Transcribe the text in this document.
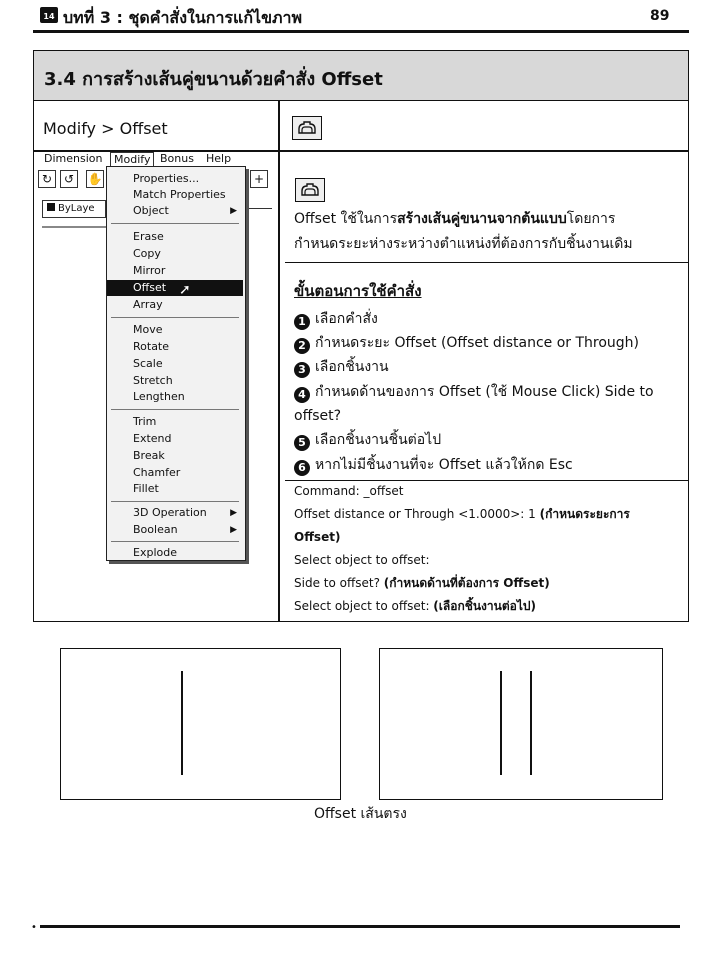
14 บทที่ 3 : ชุดคำสั่งในการแก้ไขภาพ	89
3.4 การสร้างเส้นคู่ขนานด้วยคำสั่ง Offset
Modify > Offset
Dimension	Modify Bonus Help
↻ ↺	✋	+
ByLaye
Properties...
Match Properties
Object	▶
Erase
Copy
Mirror
Offset ➚
Array
Move
Rotate
Scale
Stretch
Lengthen
Trim
Extend
Break
Chamfer
Fillet
3D Operation	▶
Boolean	▶
Explode
Offset ใช้ในการสร้างเส้นคู่ขนานจากต้นแบบโดยการ
กำหนดระยะห่างระหว่างตำแหน่งที่ต้องการกับชิ้นงานเดิม
ขั้นตอนการใช้คำสั่ง
1 เลือกคำสั่ง
2 กำหนดระยะ Offset (Offset distance or Through)
3 เลือกชิ้นงาน
4 กำหนดด้านของการ Offset (ใช้ Mouse Click) Side to offset?
5 เลือกชิ้นงานชิ้นต่อไป
6 หากไม่มีชิ้นงานที่จะ Offset แล้วให้กด Esc
Command: _offset
Offset distance or Through <1.0000>: 1 (กำหนดระยะการ Offset)
Select object to offset:
Side to offset? (กำหนดด้านที่ต้องการ Offset)
Select object to offset: (เลือกชิ้นงานต่อไป)
Offset เส้นตรง
•
